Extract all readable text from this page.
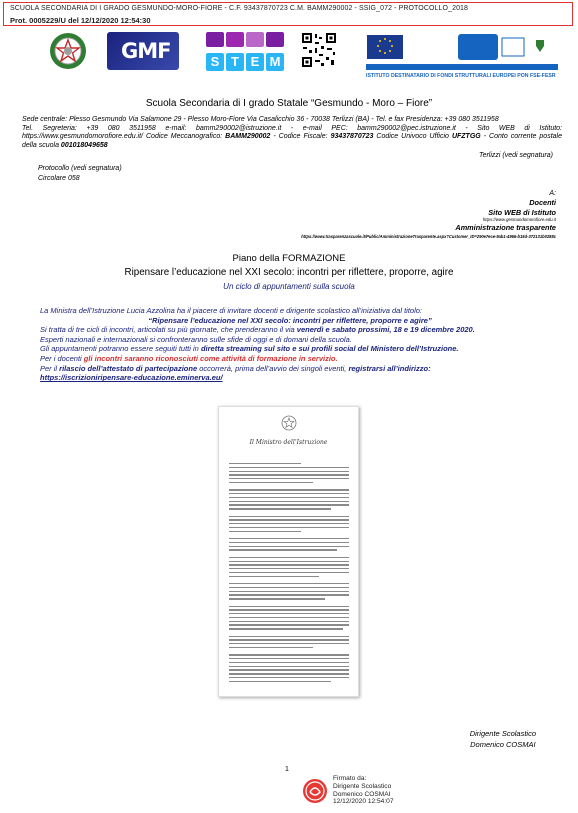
SCUOLA SECONDARIA DI I GRADO GESMUNDO-MORO-FIORE - C.F. 93437870723 C.M. BAMM290002 - SSIG_072 - PROTOCOLLO_2018
Prot. 0005229/U del 12/12/2020 12:54:30
GMF	S T E M
ISTITUTO DESTINATARIO DI FONDI STRUTTURALI EUROPEI PON FSE-FESR
Scuola Secondaria di I grado Statale “Gesmundo - Moro – Fiore”
Sede centrale: Plesso Gesmundo Via Salamone 29 - Plesso Moro-Fiore Via Casalicchio 36 - 70038 Terlizzi (BA) - Tel. e fax Presidenza: +39 080 3511958
Tel. Segreteria: +39 080 3511958 e-mail: bamm290002@istruzione.it - e-mail PEC: bamm290002@pec.istruzione.it - Sito WEB di Istituto: https://www.gesmundomorofiore.edu.it/ Codice Meccanografico: BAMM290002 - Codice Fiscale: 93437870723 Codice Univoco Ufficio UFZTGG - Conto corrente postale della scuola 001018049658
Terlizzi (vedi segnatura)
Protocollo (vedi segnatura)
Circolare 058
A:
Docenti
Sito WEB di Istituto
https://www.gesmundomorofiore.edu.it
Amministrazione trasparente
https://www.trasparenzascuole.it/Public/AmministrazioneTrasparente.aspx?Customer_ID=290e7ece-9ab1-4966-b15d-372131b0288c
Piano della FORMAZIONE
Ripensare l’educazione nel XXI secolo: incontri per riflettere, proporre, agire
Un ciclo di appuntamenti sulla scuola
La Ministra dell’Istruzione Lucia Azzolina ha il piacere di invitare docenti e dirigente scolastico all’iniziativa dal titolo:
“Ripensare l’educazione nel XXI secolo: incontri per riflettere, proporre e agire”
Si tratta di tre cicli di incontri, articolati su più giornate, che prenderanno il via venerdì e sabato prossimi, 18 e 19 dicembre 2020.
Esperti nazionali e internazionali si confronteranno sulle sfide di oggi e di domani della scuola.
Gli appuntamenti potranno essere seguiti tutti in diretta streaming sul sito e sui profili social del Ministero dell’Istruzione.
Per i docenti gli incontri saranno riconosciuti come attività di formazione in servizio.
Per il rilascio dell’attestato di partecipazione occorrerà, prima dell’avvio dei singoli eventi, registrarsi all’indirizzo:
https://iscrizioniripensare-educazione.eminerva.eu/
Il Ministro dell’Istruzione
Dirigente Scolastico
Domenico COSMAI
1
Firmato da:
Dirigente Scolastico
Domenico COSMAI
12/12/2020 12:54:07
